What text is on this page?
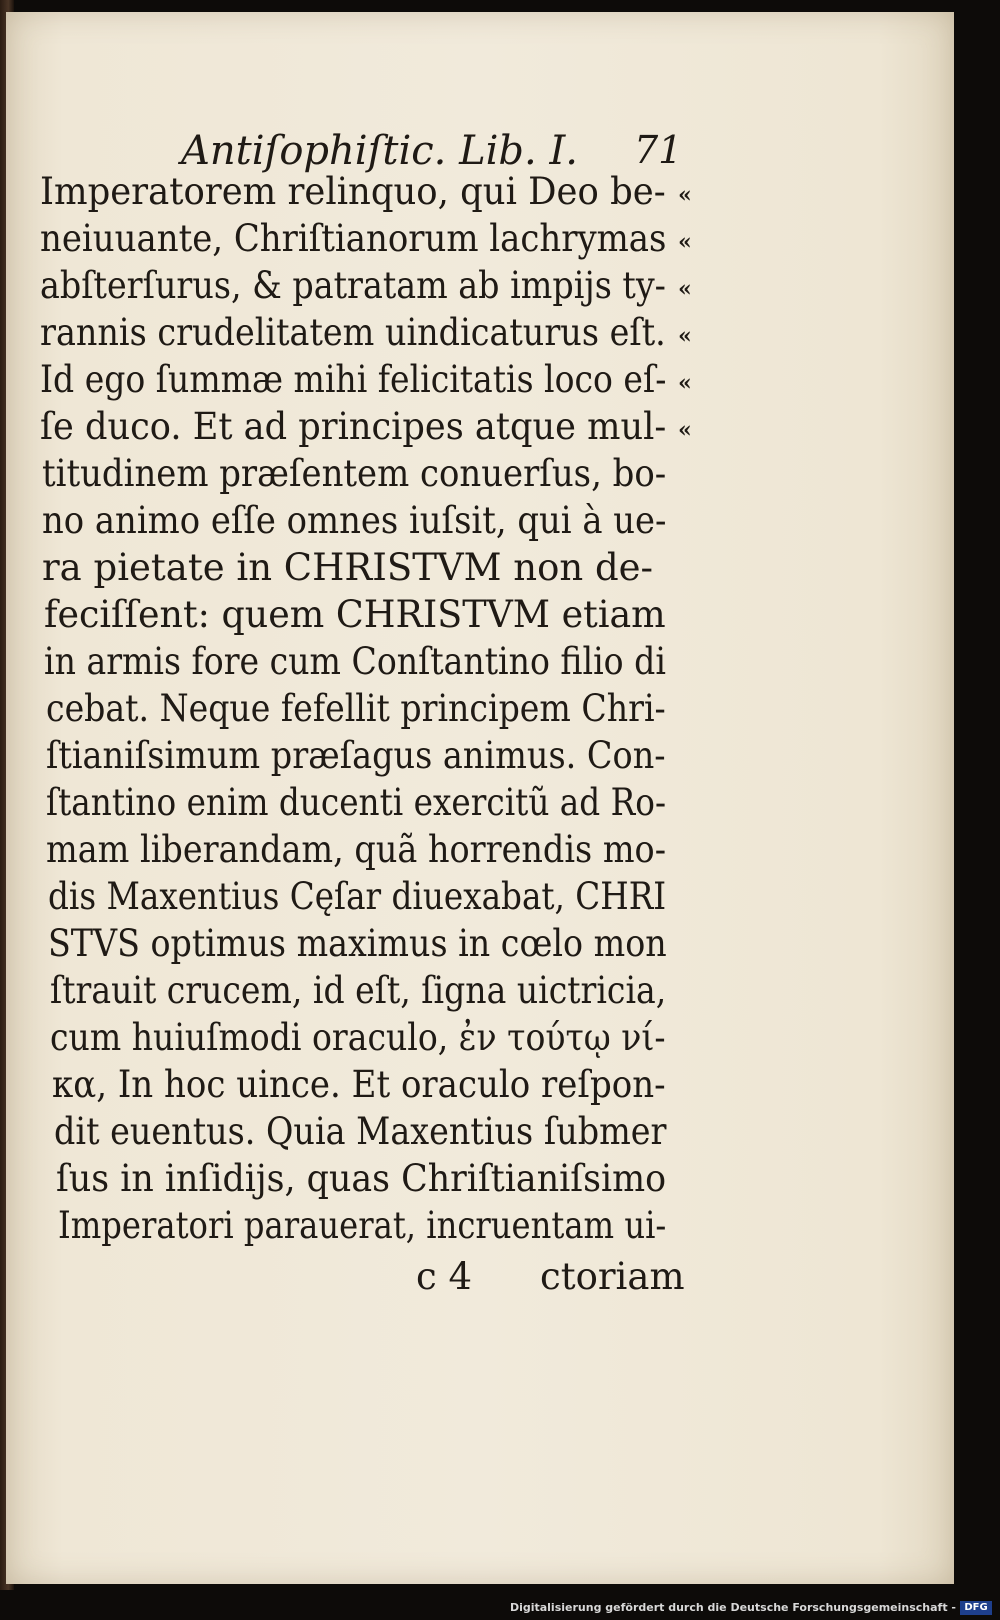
Antiſophiſtic. Lib. I. 71
Imperatorem relinquo, qui Deo be-
neiuuante, Chriſtianorum lachrymas
abſterſurus, & patratam ab impijs ty-
rannis crudelitatem uindicaturus eſt.
Id ego ſummæ mihi felicitatis loco eſ-
ſe duco. Et ad principes atque mul-
titudinem præſentem conuerſus, bo-
no animo eſſe omnes iuſsit, qui à ue-
ra pietate in CHRISTVM non de-
feciſſent: quem CHRISTVM etiam
in armis fore cum Conſtantino filio di
cebat. Neque fefellit principem Chri-
ſtianiſsimum præſagus animus. Con-
ſtantino enim ducenti exercitũ ad Ro-
mam liberandam, quã horrendis mo-
dis Maxentius Cęſar diuexabat, CHRI
STVS optimus maximus in cœlo mon
ſtrauit crucem, id eſt, ſigna uictricia,
cum huiuſmodi oraculo, ἐν τούτῳ νί-
κα, In hoc uince. Et oraculo reſpon-
dit euentus. Quia Maxentius ſubmer
ſus in inſidijs, quas Chriſtianiſsimo
Imperatori parauerat, incruentam ui-
«
«
«
«
«
«
c 4 ctoriam
Digitalisierung gefördert durch die Deutsche Forschungsgemeinschaft - DFG
